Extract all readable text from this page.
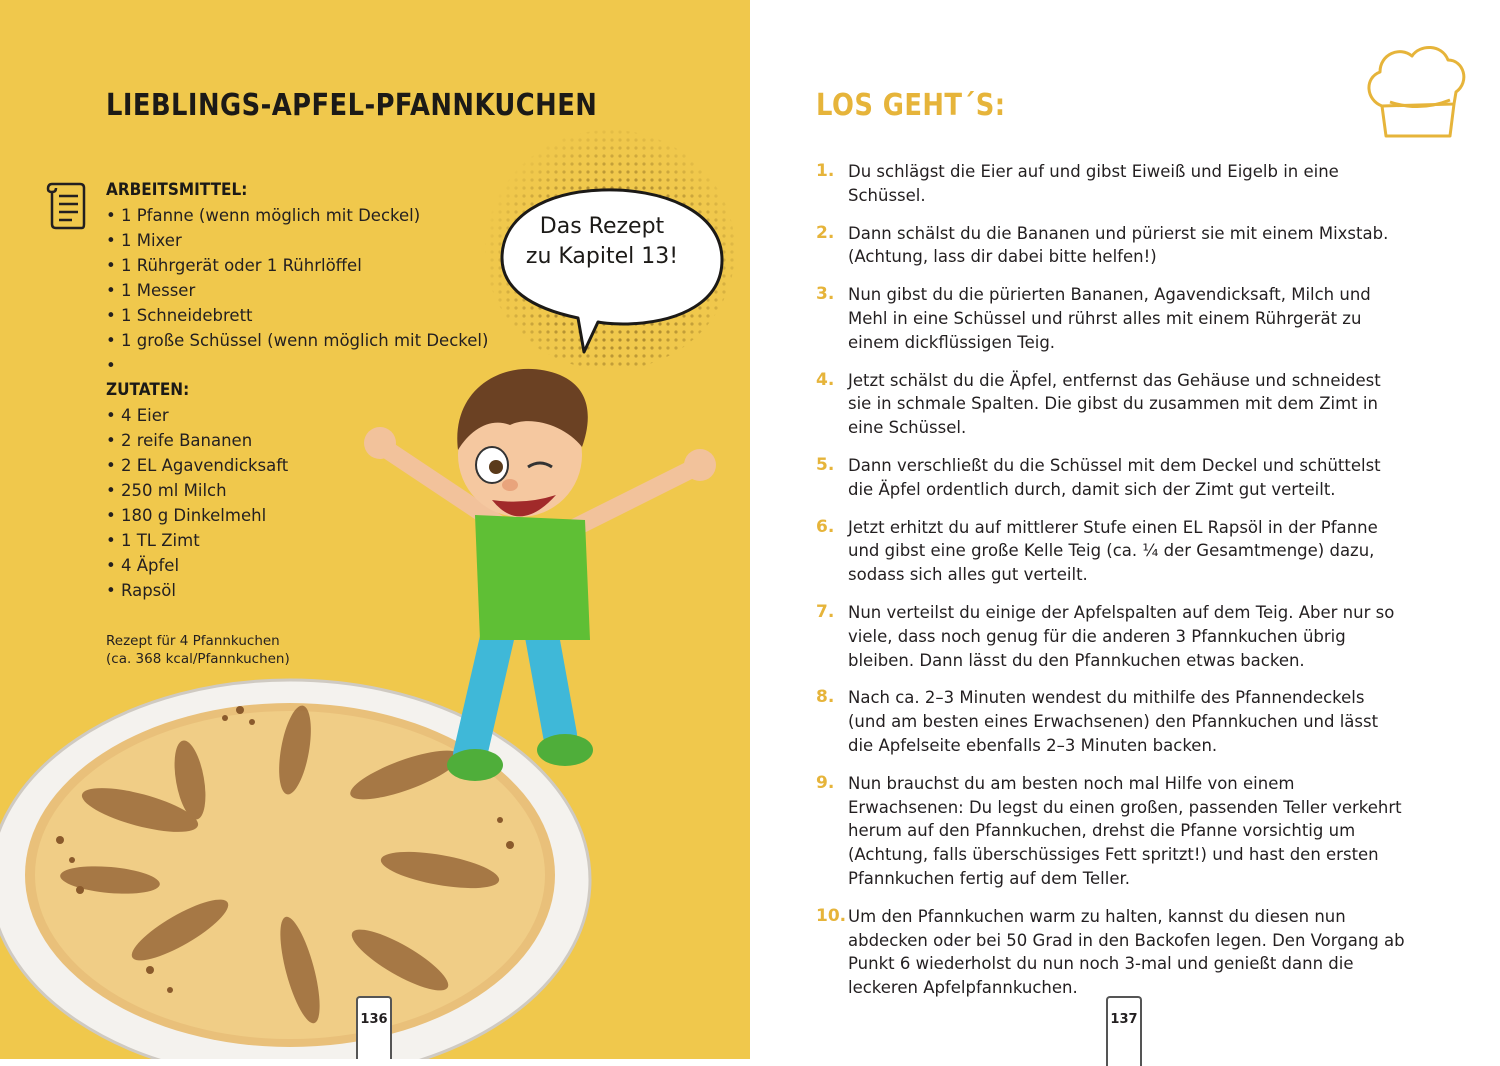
LIEBLINGS-APFEL-PFANNKUCHEN
ARBEITSMITTEL:
• 1 Pfanne (wenn möglich mit Deckel)
• 1 Mixer
• 1 Rührgerät oder 1 Rührlöffel
• 1 Messer
• 1 Schneidebrett
• 1 große Schüssel (wenn möglich mit Deckel)
•
ZUTATEN:
• 4 Eier
• 2 reife Bananen
• 2 EL Agavendicksaft
• 250 ml Milch
• 180 g Dinkelmehl
• 1 TL Zimt
• 4 Äpfel
• Rapsöl
Rezept für 4 Pfannkuchen
(ca. 368 kcal/Pfannkuchen)
Das Rezept
zu Kapitel 13!
136
LOS GEHT´S:
1. Du schlägst die Eier auf und gibst Eiweiß und Eigelb in eine Schüssel.
2. Dann schälst du die Bananen und pürierst sie mit einem Mixstab. (Achtung, lass dir dabei bitte helfen!)
3. Nun gibst du die pürierten Bananen, Agavendicksaft, Milch und Mehl in eine Schüssel und rührst alles mit einem Rührgerät zu einem dickflüssigen Teig.
4. Jetzt schälst du die Äpfel, entfernst das Gehäuse und schneidest sie in schmale Spalten. Die gibst du zusammen mit dem Zimt in eine Schüssel.
5. Dann verschließt du die Schüssel mit dem Deckel und schüttelst die Äpfel ordentlich durch, damit sich der Zimt gut verteilt.
6. Jetzt erhitzt du auf mittlerer Stufe einen EL Rapsöl in der Pfanne und gibst eine große Kelle Teig (ca. ¼ der Gesamtmenge) dazu, sodass sich alles gut verteilt.
7. Nun verteilst du einige der Apfelspalten auf dem Teig. Aber nur so viele, dass noch genug für die anderen 3 Pfannkuchen übrig bleiben. Dann lässt du den Pfannkuchen etwas backen.
8. Nach ca. 2–3 Minuten wendest du mithilfe des Pfannendeckels (und am besten eines Erwachsenen) den Pfannkuchen und lässt die Apfelseite ebenfalls 2–3 Minuten backen.
9. Nun brauchst du am besten noch mal Hilfe von einem Erwachsenen: Du legst du einen großen, passenden Teller verkehrt herum auf den Pfannkuchen, drehst die Pfanne vorsichtig um (Achtung, falls überschüssiges Fett spritzt!) und hast den ersten Pfannkuchen fertig auf dem Teller.
10. Um den Pfannkuchen warm zu halten, kannst du diesen nun abdecken oder bei 50 Grad in den Backofen legen. Den Vorgang ab Punkt 6 wiederholst du nun noch 3-mal und genießt dann die leckeren Apfelpfannkuchen.
137
